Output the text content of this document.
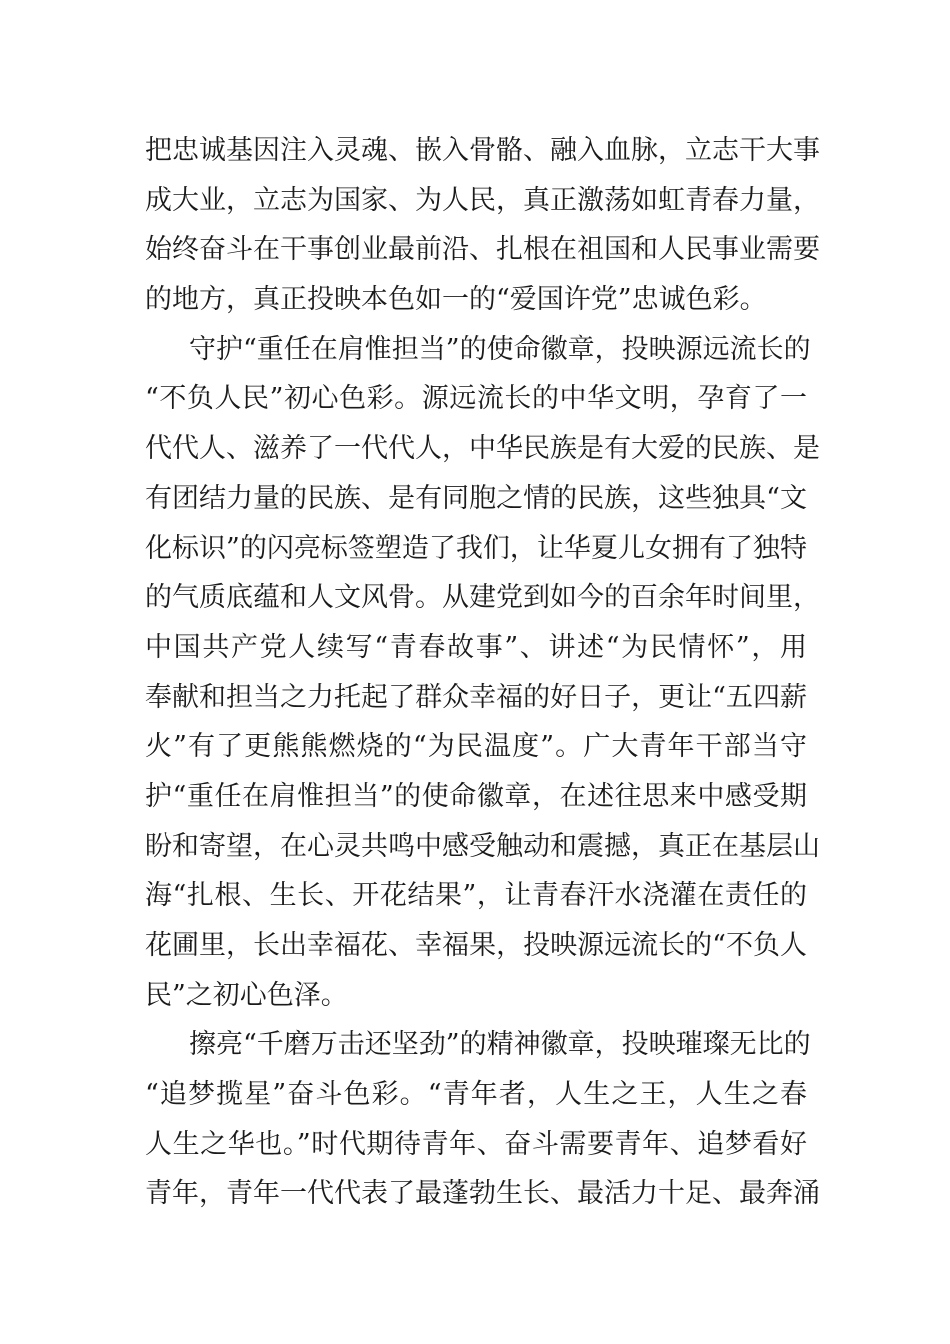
把忠诚基因注入灵魂、嵌入骨骼、融入血脉，立志干大事
成大业，立志为国家、为人民，真正激荡如虹青春力量，
始终奋斗在干事创业最前沿、扎根在祖国和人民事业需要
的地方，真正投映本色如一的“爱国许党”忠诚色彩。
守护“重任在肩惟担当”的使命徽章，投映源远流长的
“不负人民”初心色彩。源远流长的中华文明，孕育了一
代代人、滋养了一代代人，中华民族是有大爱的民族、是
有团结力量的民族、是有同胞之情的民族，这些独具“文
化标识”的闪亮标签塑造了我们，让华夏儿女拥有了独特
的气质底蕴和人文风骨。从建党到如今的百余年时间里，
中国共产党人续写“青春故事”、讲述“为民情怀”，用
奉献和担当之力托起了群众幸福的好日子，更让“五四薪
火”有了更熊熊燃烧的“为民温度”。广大青年干部当守
护“重任在肩惟担当”的使命徽章，在述往思来中感受期
盼和寄望，在心灵共鸣中感受触动和震撼，真正在基层山
海“扎根、生长、开花结果”，让青春汗水浇灌在责任的
花圃里，长出幸福花、幸福果，投映源远流长的“不负人
民”之初心色泽。
擦亮“千磨万击还坚劲”的精神徽章，投映璀璨无比的
“追梦揽星”奋斗色彩。“青年者，人生之王，人生之春
人生之华也。”时代期待青年、奋斗需要青年、追梦看好
青年，青年一代代表了最蓬勃生长、最活力十足、最奔涌
